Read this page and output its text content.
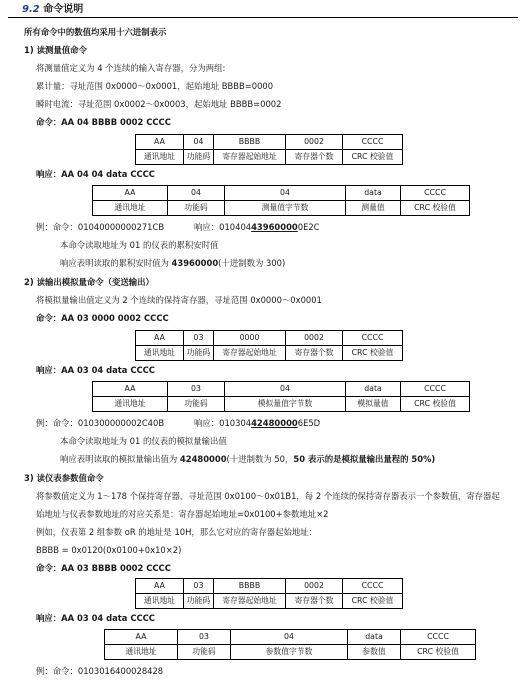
9.2 命令说明
所有命令中的数值均采用十六进制表示
1) 读测量值命令
将测量值定义为 4 个连续的输入寄存器，分为两组:
累计量：寻址范围 0x0000～0x0001，起始地址 BBBB=0000
瞬时电流：寻址范围 0x0002～0x0003，起始地址 BBBB=0002
命令：AA 04 BBBB 0002 CCCC
AA	04	BBBB	0002	CCCC
通讯地址	功能码	寄存器起始地址	寄存器个数	CRC 校验值
响应：AA 04 04 data CCCC
AA	04	04	data	CCCC
通讯地址	功能码	测量值字节数	测量值	CRC 校验值
例：命令：01040000000271CB	响应：010404439600000E2C
本命令读取地址为 01 的仪表的累积安时值
响应表明读取的累积安时值为 43960000(十进制数为 300)
2) 读输出模拟量命令（变送输出）
将模拟量输出值定义为 2 个连续的保持寄存器，寻址范围 0x0000～0x0001
命令：AA 03 0000 0002 CCCC
AA	03	0000	0002	CCCC
通讯地址	功能码	寄存器起始地址	寄存器个数	CRC 校验值
响应：AA 03 04 data CCCC
AA	03	04	data	CCCC
通讯地址	功能码	模拟量值字节数	模拟量值	CRC 校验值
例：命令：010300000002C40B	响应：010304424800006E5D
本命令读取地址为 01 的仪表的模拟量输出值
响应表明读取的模拟量输出值为 42480000(十进制数为 50，50 表示的是模拟量输出量程的 50%)
3) 读仪表参数值命令
将参数值定义为 1～178 个保持寄存器，寻址范围 0x0100～0x01B1，每 2 个连续的保持寄存器表示一个参数值，寄存器起
始地址与仪表参数地址的对应关系是：寄存器起始地址=0x0100+参数地址×2
例如，仪表第 2 组参数 oR 的地址是 10H，那么它对应的寄存器起始地址：
BBBB = 0x0120(0x0100+0x10×2)
命令：AA 03 BBBB 0002 CCCC
AA	03	BBBB	0002	CCCC
通讯地址	功能码	寄存器起始地址	寄存器个数	CRC 校验值
响应：AA 03 04 data CCCC
AA	03	04	data	CCCC
通讯地址	功能码	参数值字节数	参数值	CRC 校验值
例：命令：0103016400028428
